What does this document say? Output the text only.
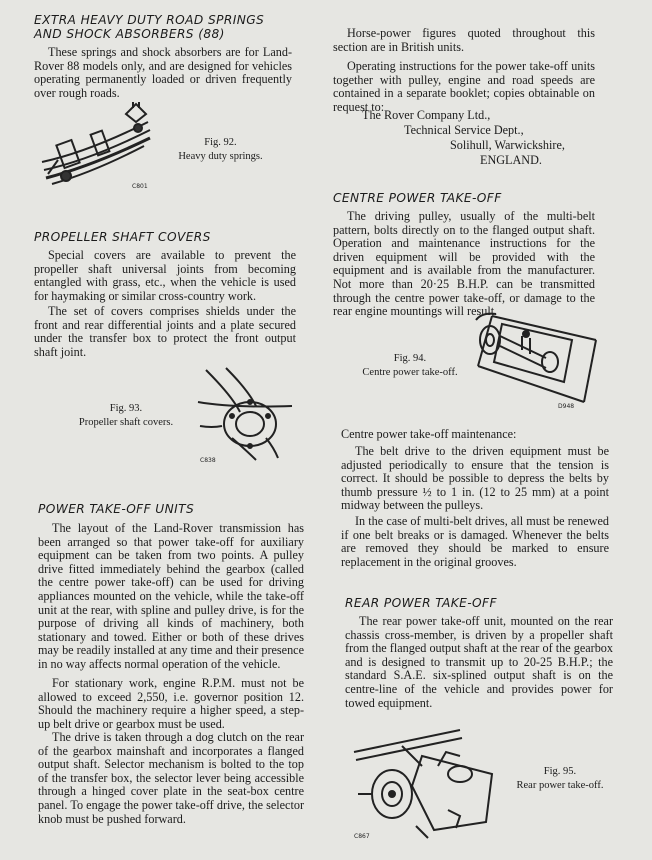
EXTRA HEAVY DUTY ROAD SPRINGS

AND SHOCK ABSORBERS (88)

These springs and shock absorbers are for Land-Rover 88 models only, and are designed for vehicles operating permanently loaded or driven frequently over rough roads.

C801
Fig. 92.
Heavy duty springs.

PROPELLER SHAFT COVERS

Special covers are available to prevent the propeller shaft universal joints from becoming entangled with grass, etc., when the vehicle is used for haymaking or similar cross-country work.

The set of covers comprises shields under the front and rear differential joints and a plate secured under the transfer box to protect the front output shaft joint.

Fig. 93.
Propeller shaft covers.
C838

POWER TAKE-OFF UNITS

The layout of the Land-Rover transmission has been arranged so that power take-off for auxiliary equipment can be taken from two points. A pulley drive fitted immediately behind the gearbox (called the centre power take-off) can be used for driving appliances mounted on the vehicle, while the take-off unit at the rear, with spline and pulley drive, is for the purpose of driving all kinds of machinery, both stationary and towed. Either or both of these drives may be readily installed at any time and their presence in no way affects normal operation of the vehicle.

For stationary work, engine R.P.M. must not be allowed to exceed 2,550, i.e. governor position 12. Should the machinery require a higher speed, a step-up belt drive or gearbox must be used.

The drive is taken through a dog clutch on the rear of the gearbox mainshaft and incorporates a flanged output shaft. Selector mechanism is bolted to the top of the transfer box, the selector lever being accessible through a hinged cover plate in the seat-box centre panel. To engage the power take-off drive, the selector knob must be pushed forward.

Horse-power figures quoted throughout this section are in British units.

Operating instructions for the power take-off units together with pulley, engine and road speeds are contained in a separate booklet; copies obtainable on request to:

The Rover Company Ltd.,
Technical Service Dept.,
Solihull, Warwickshire,
ENGLAND.

CENTRE POWER TAKE-OFF

The driving pulley, usually of the multi-belt pattern, bolts directly on to the flanged output shaft. Operation and maintenance instructions for the driven equipment will be provided with the equipment and is available from the manufacturer. Not more than 20·25 B.H.P. can be transmitted through the centre power take-off, or damage to the rear engine mountings will result.

Fig. 94.
Centre power take-off.
D948
Centre power take-off maintenance:

The belt drive to the driven equipment must be adjusted periodically to ensure that the tension is correct. It should be possible to depress the belts by thumb pressure ½ to 1 in. (12 to 25 mm) at a point midway between the pulleys.

In the case of multi-belt drives, all must be renewed if one belt breaks or is damaged. Whenever the belts are removed they should be marked to ensure replacement in the original grooves.

REAR POWER TAKE-OFF

The rear power take-off unit, mounted on the rear chassis cross-member, is driven by a propeller shaft from the flanged output shaft at the rear of the gearbox and is designed to transmit up to 20-25 B.H.P.; the standard S.A.E. six-splined output shaft is on the centre-line of the vehicle and provides power for towed equipment.

C867
Fig. 95.
Rear power take-off.
